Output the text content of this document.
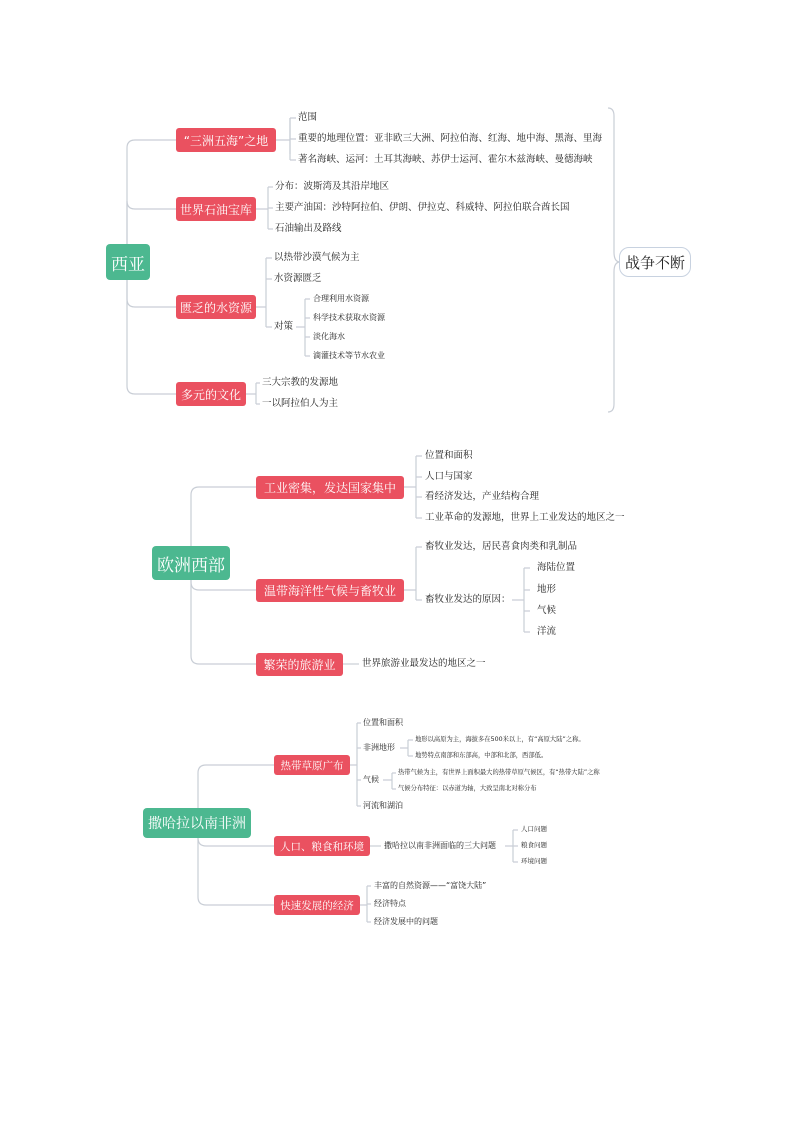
西亚	战争不断
“三洲五海”之地
范围
重要的地理位置：亚非欧三大洲、阿拉伯海、红海、地中海、黑海、里海
著名海峡、运河：土耳其海峡、苏伊士运河、霍尔木兹海峡、曼德海峡
世界石油宝库
分布：波斯湾及其沿岸地区
主要产油国：沙特阿拉伯、伊朗、伊拉克、科威特、阿拉伯联合酋长国
石油输出及路线
匮乏的水资源
以热带沙漠气候为主
水资源匮乏
对策
合理利用水资源
科学技术获取水资源
淡化海水
滴灌技术等节水农业
多元的文化
三大宗教的发源地
一以阿拉伯人为主
欧洲西部
工业密集，发达国家集中
位置和面积
人口与国家
看经济发达，产业结构合理
工业革命的发源地，世界上工业发达的地区之一
温带海洋性气候与畜牧业
畜牧业发达，居民喜食肉类和乳制品
畜牧业发达的原因：
海陆位置
地形
气候
洋流
繁荣的旅游业	世界旅游业最发达的地区之一
撒哈拉以南非洲
热带草原广布
位置和面积
非洲地形
气候
河流和湖泊
地形以高原为主，海拔多在500米以上，有“高原大陆”之称。
地势特点南部和东部高，中部和北部，西部低。
热带气候为主，有世界上面积最大的热带草原气候区，有“热带大陆”之称
气候分布特征：以赤道为轴，大致呈南北对称分布
人口、粮食和环境	撒哈拉以南非洲面临的三大问题
人口问题
粮食问题
环境问题
快速发展的经济
丰富的自然资源——“富饶大陆”
经济特点
经济发展中的问题
